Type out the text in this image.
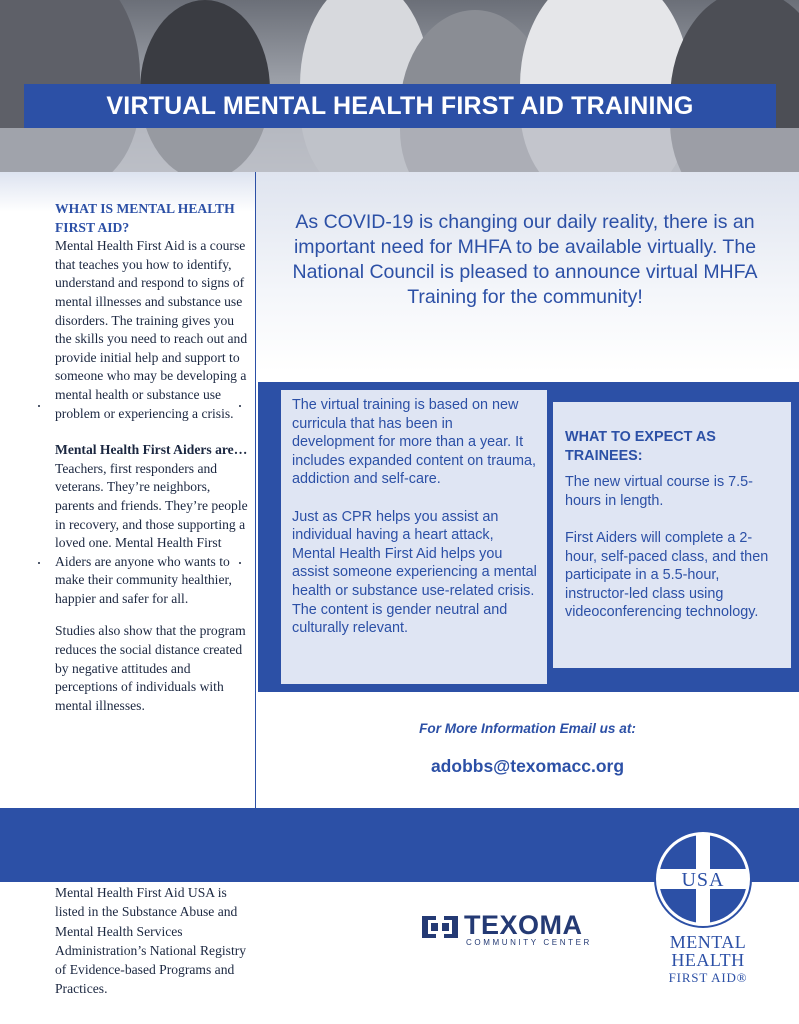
VIRTUAL MENTAL HEALTH FIRST AID TRAINING
WHAT IS MENTAL HEALTH FIRST AID?

Mental Health First Aid is a course that teaches you how to identify, understand and respond to signs of mental illnesses and substance use disorders. The training gives you the skills you need to reach out and provide initial help and support to someone who may be developing a mental health or substance use problem or experiencing a crisis.

Mental Health First Aiders are…

Teachers, first responders and veterans. They’re neighbors, parents and friends. They’re people in recovery, and those supporting a loved one. Mental Health First Aiders are anyone who wants to make their community healthier, happier and safer for all.

Studies also show that the program reduces the social distance created by negative attitudes and perceptions of individuals with mental illnesses.

As COVID-19 is changing our daily reality, there is an important need for MHFA to be available virtually. The National Council is pleased to announce virtual MHFA Training for the community!

The virtual training is based on new curricula that has been in development for more than a year. It includes expanded content on trauma, addiction and self-care.

Just as CPR helps you assist an individual having a heart attack, Mental Health First Aid helps you assist someone experiencing a mental health or substance use-related crisis. The content is gender neutral and culturally relevant.

WHAT TO EXPECT AS TRAINEES:

The new virtual course is 7.5-hours in length.

First Aiders will complete a 2-hour, self-paced class, and then participate in a 5.5-hour, instructor-led class using videoconferencing technology.

For More Information Email us at:
adobbs@texomacc.org
Mental Health First Aid USA is listed in the Substance Abuse and Mental Health Services Administration’s National Registry of Evidence-based Programs and Practices.
TEXOMA
COMMUNITY CENTER
USA
MENTAL
HEALTH
FIRST AID®
